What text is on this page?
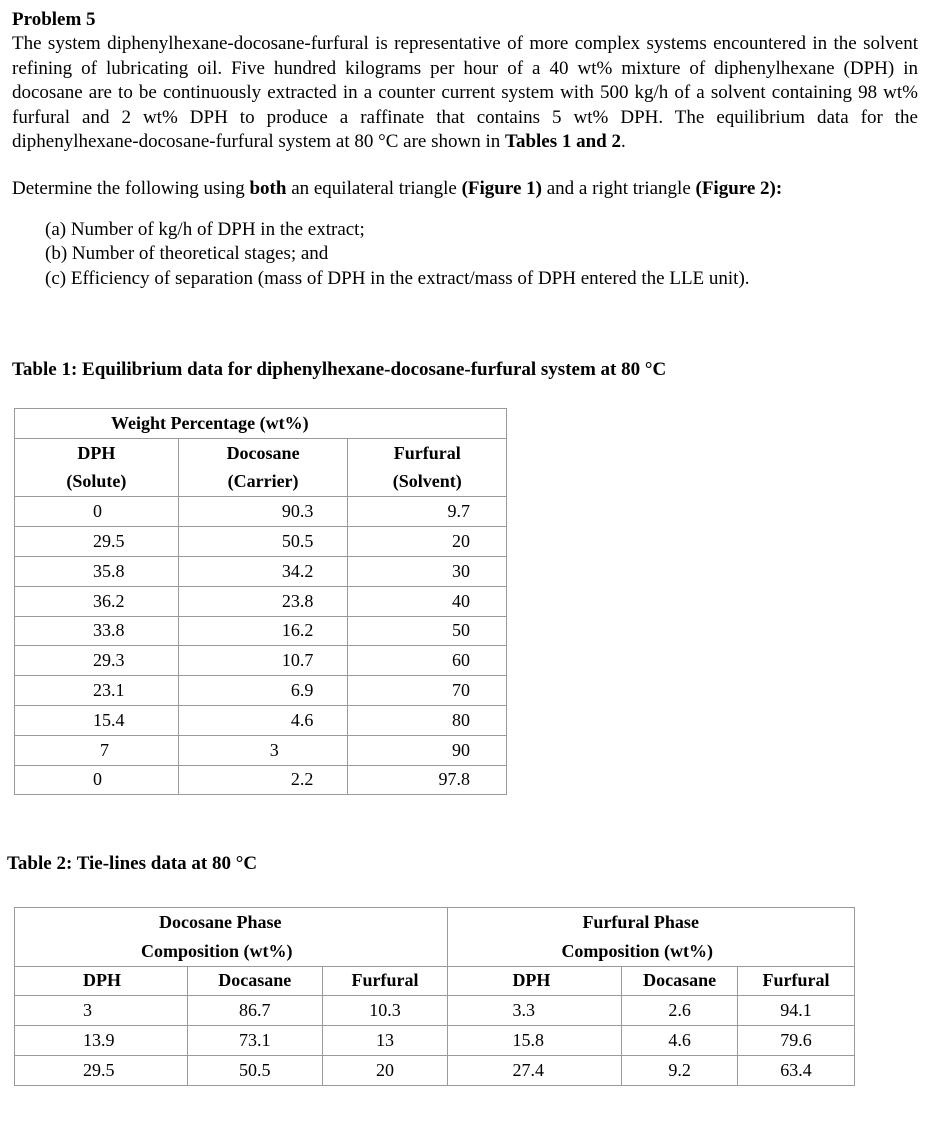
Problem 5
The system diphenylhexane-docosane-furfural is representative of more complex systems encountered in the solvent refining of lubricating oil. Five hundred kilograms per hour of a 40 wt% mixture of diphenylhexane (DPH) in docosane are to be continuously extracted in a counter current system with 500 kg/h of a solvent containing 98 wt% furfural and 2 wt% DPH to produce a raffinate that contains 5 wt% DPH. The equilibrium data for the diphenylhexane-docosane-furfural system at 80 °C are shown in Tables 1 and 2.
Determine the following using both an equilateral triangle (Figure 1) and a right triangle (Figure 2):
(a) Number of kg/h of DPH in the extract;
(b) Number of theoretical stages; and
(c) Efficiency of separation (mass of DPH in the extract/mass of DPH entered the LLE unit).
Table 1: Equilibrium data for diphenylhexane-docosane-furfural system at 80 °C
Weight Percentage (wt%)		
DPH	Docosane	Furfural
(Solute)	(Carrier)	(Solvent)
0	90.3	9.7
29.5	50.5	20
35.8	34.2	30
36.2	23.8	40
33.8	16.2	50
29.3	10.7	60
23.1	6.9	70
15.4	4.6	80
7	3	90
0	2.2	97.8
Table 2: Tie-lines data at 80 °C
Docosane Phase			Furfural Phase		
Composition (wt%)			Composition (wt%)		
DPH	Docasane	Furfural	DPH	Docasane	Furfural
3	86.7	10.3	3.3	2.6	94.1
13.9	73.1	13	15.8	4.6	79.6
29.5	50.5	20	27.4	9.2	63.4
